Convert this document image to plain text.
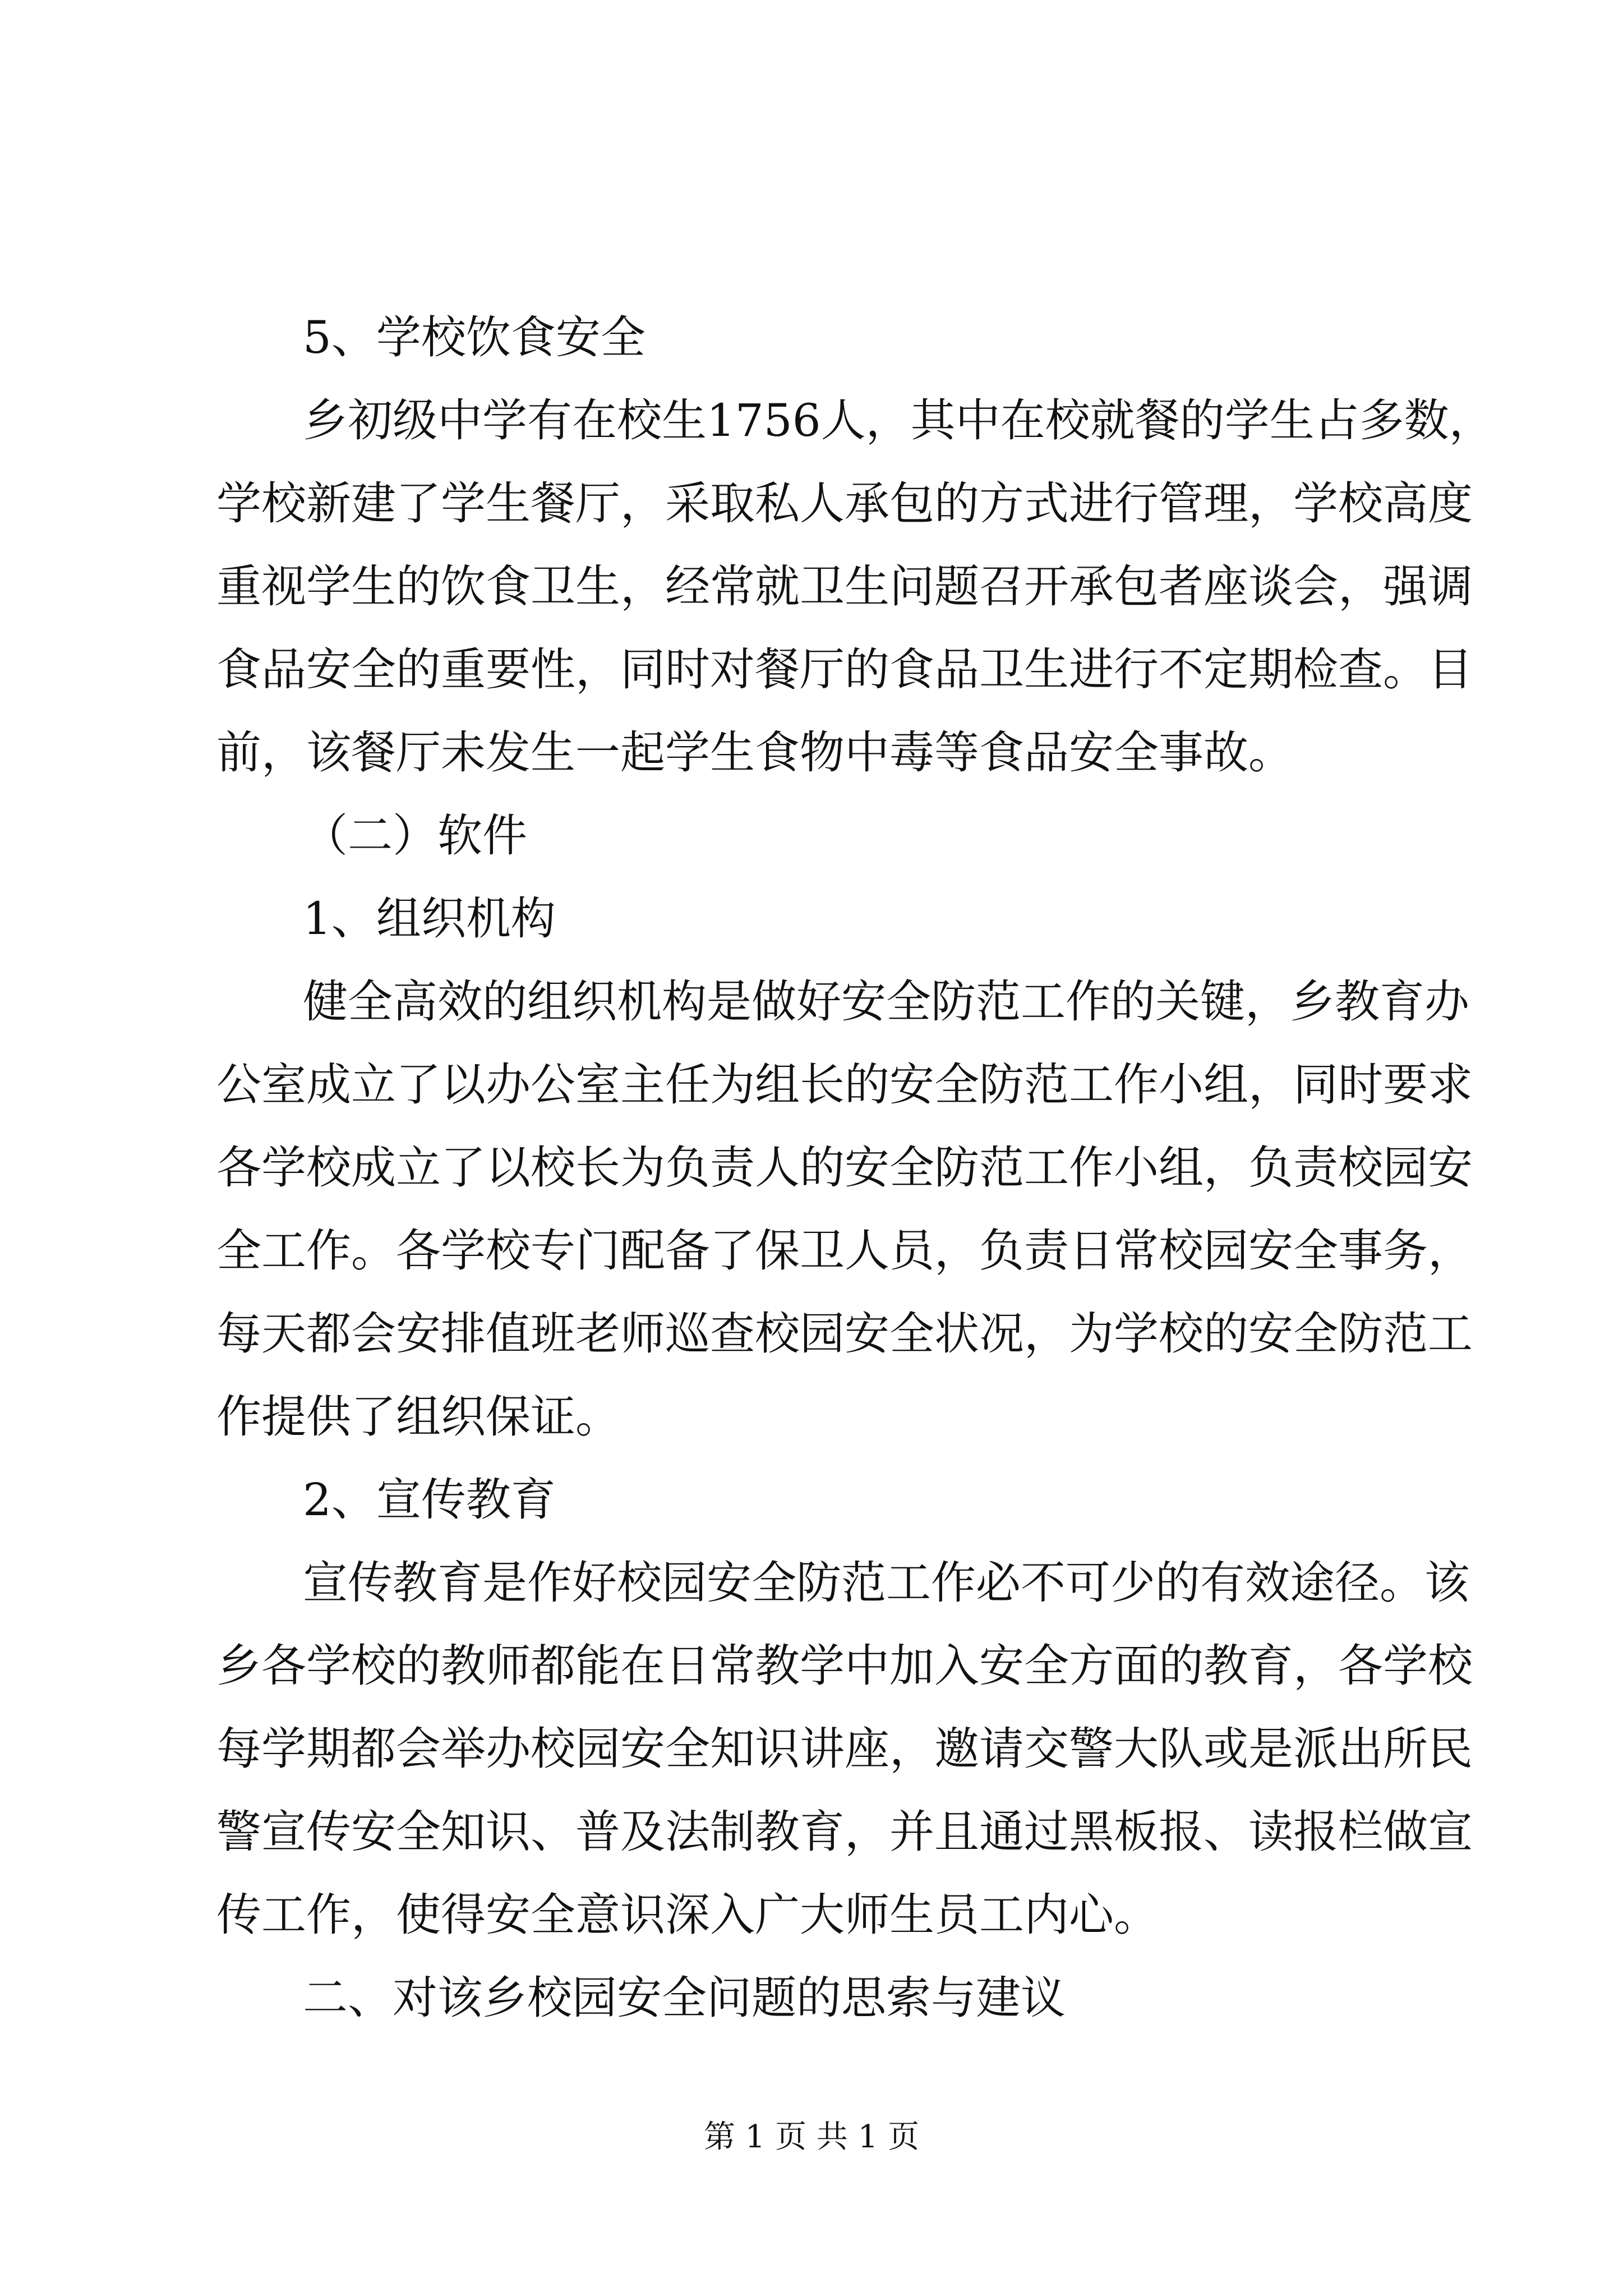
5、学校饮食安全
乡初级中学有在校生1756人，其中在校就餐的学生占多数，
学校新建了学生餐厅，采取私人承包的方式进行管理，学校高度
重视学生的饮食卫生，经常就卫生问题召开承包者座谈会，强调
食品安全的重要性，同时对餐厅的食品卫生进行不定期检查。目
前，该餐厅未发生一起学生食物中毒等食品安全事故。
（二）软件
1、组织机构
健全高效的组织机构是做好安全防范工作的关键，乡教育办
公室成立了以办公室主任为组长的安全防范工作小组，同时要求
各学校成立了以校长为负责人的安全防范工作小组，负责校园安
全工作。各学校专门配备了保卫人员，负责日常校园安全事务，
每天都会安排值班老师巡查校园安全状况，为学校的安全防范工
作提供了组织保证。
2、宣传教育
宣传教育是作好校园安全防范工作必不可少的有效途径。该
乡各学校的教师都能在日常教学中加入安全方面的教育，各学校
每学期都会举办校园安全知识讲座，邀请交警大队或是派出所民
警宣传安全知识、普及法制教育，并且通过黑板报、读报栏做宣
传工作，使得安全意识深入广大师生员工内心。
二、对该乡校园安全问题的思索与建议
第 1 页 共 1 页
